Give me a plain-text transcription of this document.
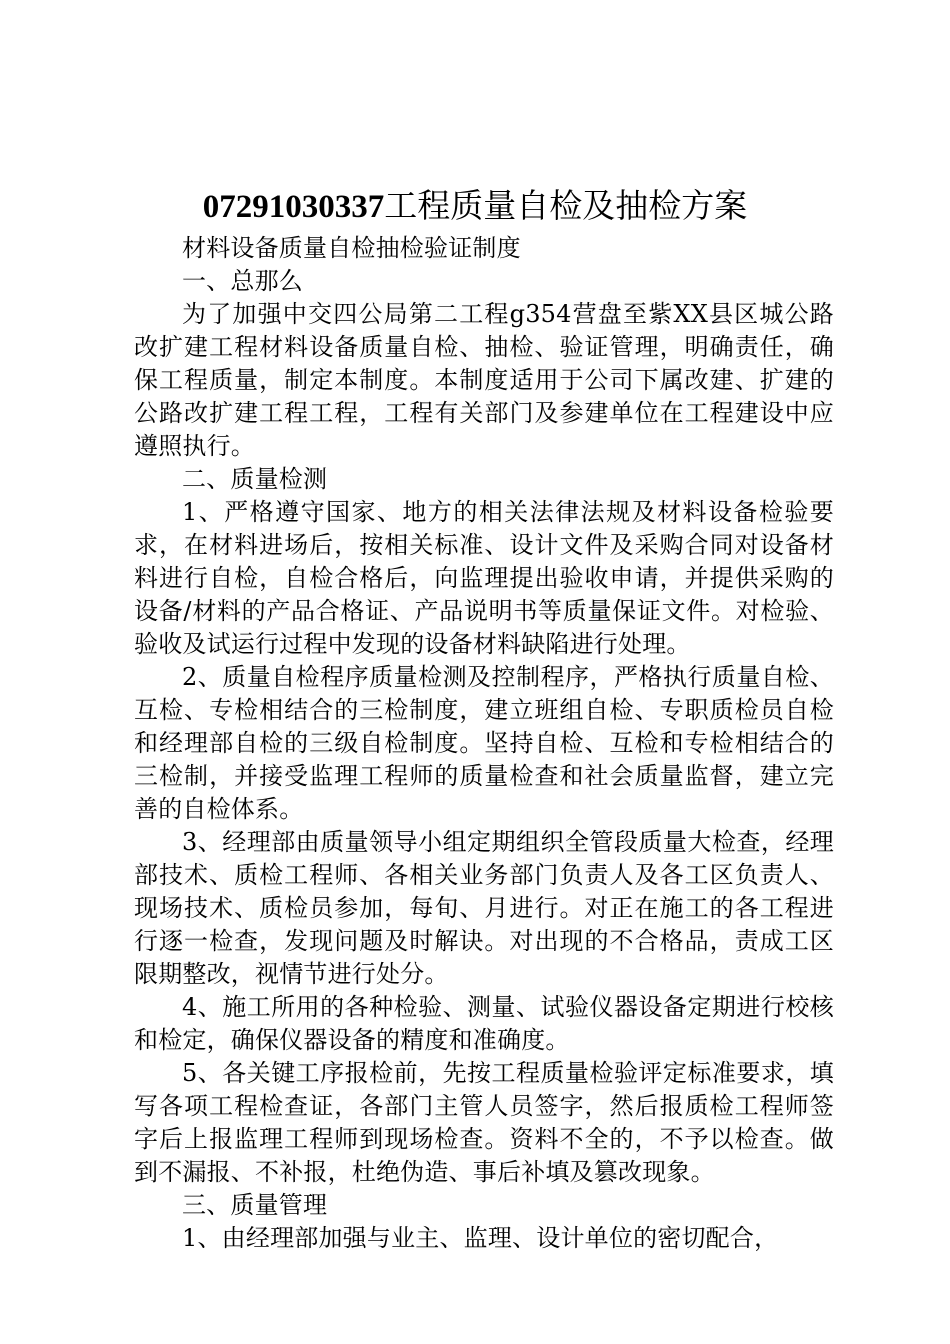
07291030337工程质量自检及抽检方案

材料设备质量自检抽检验证制度

一、总那么

为了加强中交四公局第二工程g354营盘至紫XX县区城公路改扩建工程材料设备质量自检、抽检、验证管理，明确责任，确保工程质量，制定本制度。本制度适用于公司下属改建、扩建的公路改扩建工程工程，工程有关部门及参建单位在工程建设中应遵照执行。

二、质量检测

1、严格遵守国家、地方的相关法律法规及材料设备检验要求，在材料进场后，按相关标准、设计文件及采购合同对设备材料进行自检，自检合格后，向监理提出验收申请，并提供采购的设备/材料的产品合格证、产品说明书等质量保证文件。对检验、验收及试运行过程中发现的设备材料缺陷进行处理。

2、质量自检程序质量检测及控制程序，严格执行质量自检、互检、专检相结合的三检制度，建立班组自检、专职质检员自检和经理部自检的三级自检制度。坚持自检、互检和专检相结合的三检制，并接受监理工程师的质量检查和社会质量监督，建立完善的自检体系。

3、经理部由质量领导小组定期组织全管段质量大检查，经理部技术、质检工程师、各相关业务部门负责人及各工区负责人、现场技术、质检员参加，每旬、月进行。对正在施工的各工程进行逐一检查，发现问题及时解诀。对出现的不合格品，责成工区限期整改，视情节进行处分。

4、施工所用的各种检验、测量、试验仪器设备定期进行校核和检定，确保仪器设备的精度和准确度。

5、各关键工序报检前，先按工程质量检验评定标准要求，填写各项工程检查证，各部门主管人员签字，然后报质检工程师签字后上报监理工程师到现场检查。资料不全的，不予以检查。做到不漏报、不补报，杜绝伪造、事后补填及篡改现象。

三、质量管理

1、由经理部加强与业主、监理、设计单位的密切配合，
